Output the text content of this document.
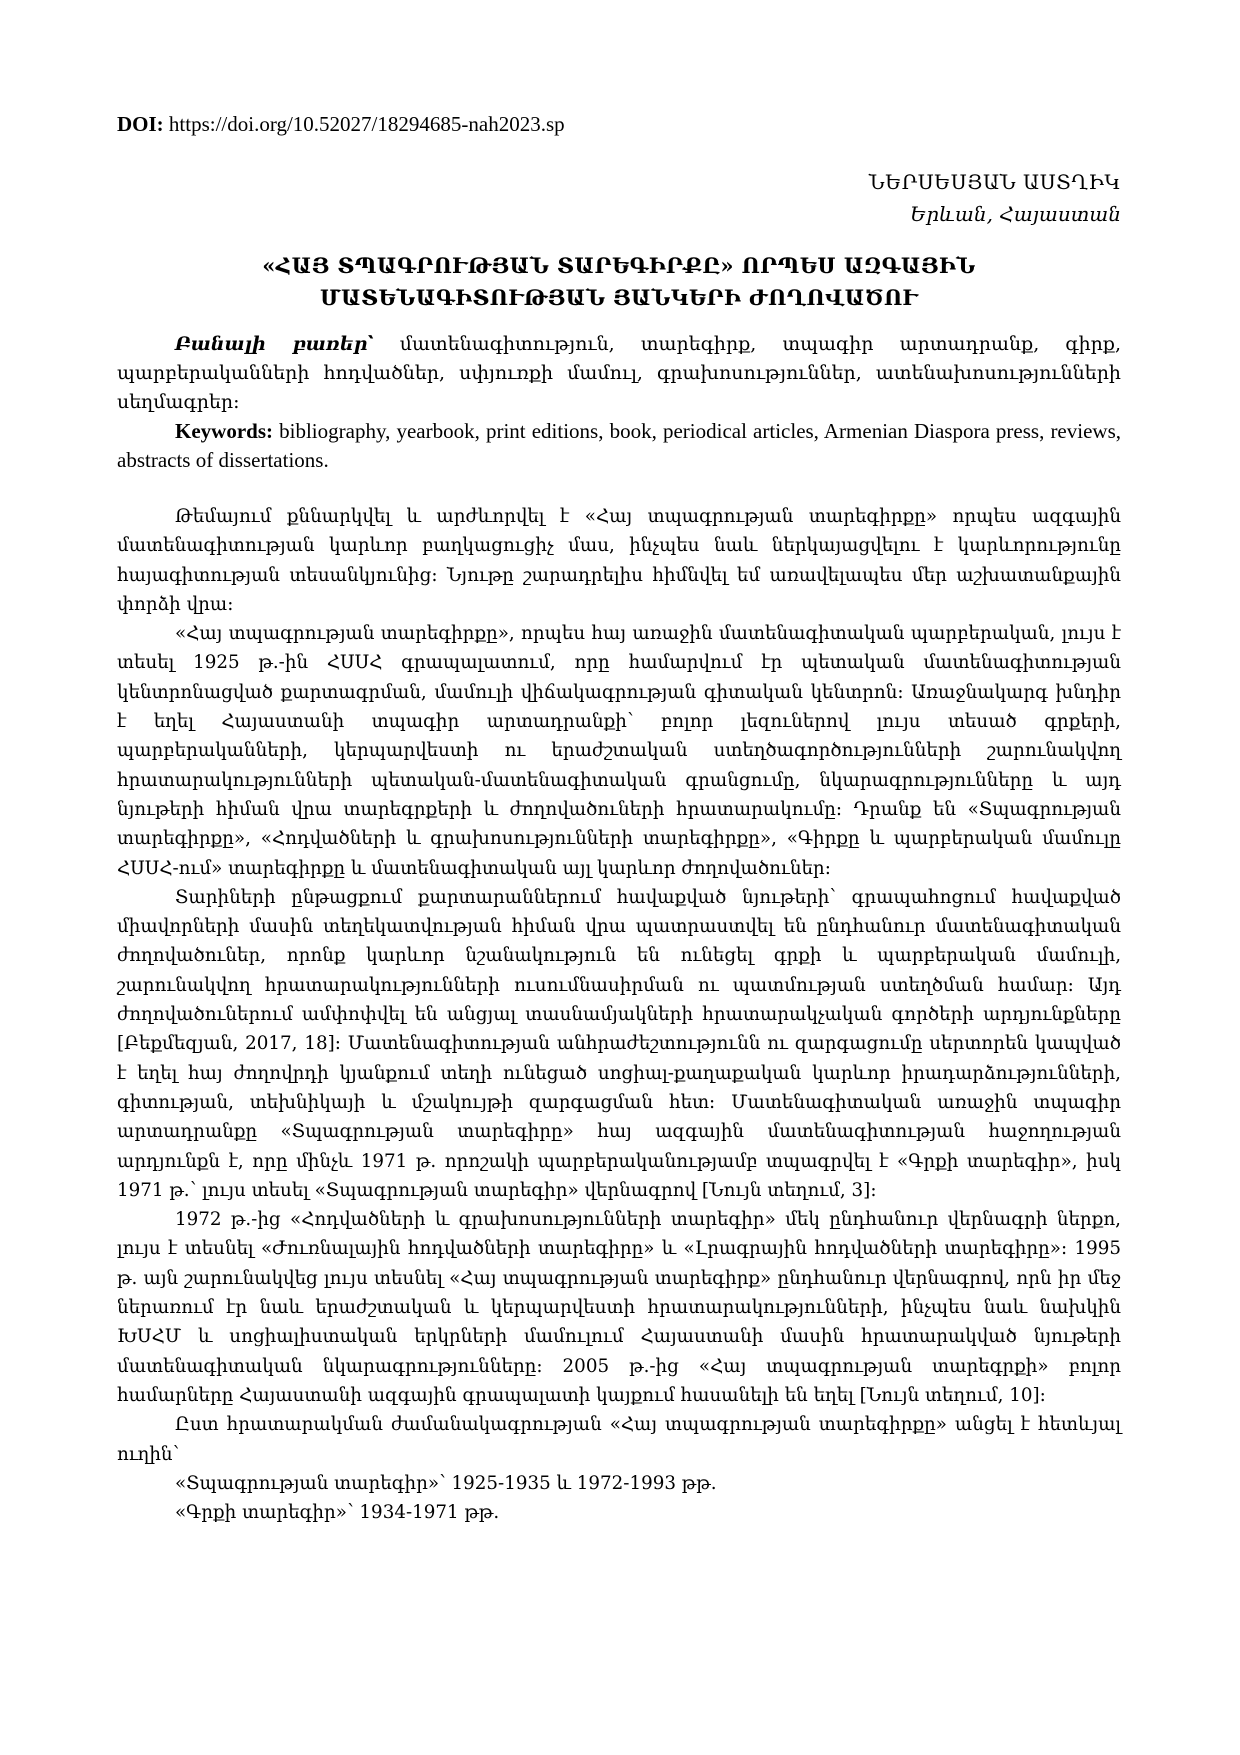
DOI: https://doi.org/10.52027/18294685-nah2023.sp

ՆԵՐՍԵՍՅԱՆ ԱՍՏՂԻԿ
Երևան, Հայաստան
«ՀԱՅ ՏՊԱԳՐՈՒԹՅԱՆ ՏԱՐԵԳԻՐՔԸ» ՈՐՊԵՍ ԱԶԳԱՅԻՆ
ՄԱՏԵՆԱԳԻՏՈՒԹՅԱՆ ՅԱՆԿԵՐԻ ԺՈՂՈՎԱԾՈՒ

Բանալի բառեր՝ մատենագիտություն, տարեգիրք, տպագիր արտադրանք, գիրք, պարբերականների հոդվածներ, սփյուռքի մամուլ, գրախոսություններ, ատենախոսությունների սեղմագրեր:

Keywords: bibliography, yearbook, print editions, book, periodical articles, Armenian Diaspora press, reviews, abstracts of dissertations.

Թեմայում քննարկվել և արժևորվել է «Հայ տպագրության տարեգիրքը» որպես ազգային մատենագիտության կարևոր բաղկացուցիչ մաս, ինչպես նաև ներկայացվելու է կարևորությունը հայագիտության տեսանկյունից: Նյութը շարադրելիս հիմնվել եմ առավելապես մեր աշխատանքային փորձի վրա:

«Հայ տպագրության տարեգիրքը», որպես հայ առաջին մատենագիտական պարբերական, լույս է տեսել 1925 թ.-ին ՀՍՍՀ գրապալատում, որը համարվում էր պետական մատենագիտության կենտրոնացված քարտագրման, մամուլի վիճակագրության գիտական կենտրոն: Առաջնակարգ խնդիր է եղել Հայաստանի տպագիր արտադրանքի՝ բոլոր լեզուներով լույս տեսած գրքերի, պարբերականների, կերպարվեստի ու երաժշտական ստեղծագործությունների շարունակվող հրատարակությունների պետական-մատենագիտական գրանցումը, նկարագրությունները և այդ նյութերի հիման վրա տարեգրքերի և ժողովածուների հրատարակումը: Դրանք են «Տպագրության տարեգիրքը», «Հոդվածների և գրախոսությունների տարեգիրքը», «Գիրքը և պարբերական մամուլը ՀՍՍՀ-ում» տարեգիրքը և մատենագիտական այլ կարևոր ժողովածուներ:

Տարիների ընթացքում քարտարաններում հավաքված նյութերի՝ գրապահոցում հավաքված միավորների մասին տեղեկատվության հիման վրա պատրաստվել են ընդհանուր մատենագիտական ժողովածուներ, որոնք կարևոր նշանակություն են ունեցել գրքի և պարբերական մամուլի, շարունակվող հրատարակությունների ուսումնասիրման ու պատմության ստեղծման համար: Այդ ժողովածուներում ամփոփվել են անցյալ տասնամյակների հրատարակչական գործերի արդյունքները [Բեքմեզյան, 2017, 18]: Մատենագիտության անհրաժեշտությունն ու զարգացումը սերտորեն կապված է եղել հայ ժողովրդի կյանքում տեղի ունեցած սոցիալ-քաղաքական կարևոր իրադարձությունների, գիտության, տեխնիկայի և մշակույթի զարգացման հետ: Մատենագիտական առաջին տպագիր արտադրանքը «Տպագրության տարեգիրը» հայ ազգային մատենագիտության հաջողության արդյունքն է, որը մինչև 1971 թ. որոշակի պարբերականությամբ տպագրվել է «Գրքի տարեգիր», իսկ 1971 թ.՝ լույս տեսել «Տպագրության տարեգիր» վերնագրով [Նույն տեղում, 3]:

1972 թ.-ից «Հոդվածների և գրախոսությունների տարեգիր» մեկ ընդհանուր վերնագրի ներքո, լույս է տեսնել «Ժուռնալային հոդվածների տարեգիրը» և «Լրագրային հոդվածների տարեգիրը»: 1995 թ. այն շարունակվեց լույս տեսնել «Հայ տպագրության տարեգիրք» ընդհանուր վերնագրով, որն իր մեջ ներառում էր նաև երաժշտական և կերպարվեստի հրատարակությունների, ինչպես նաև նախկին ԽՍՀՄ և սոցիալիստական երկրների մամուլում Հայաստանի մասին հրատարակված նյութերի մատենագիտական նկարագրությունները: 2005 թ.-ից «Հայ տպագրության տարեգրքի» բոլոր համարները Հայաստանի ազգային գրապալատի կայքում հասանելի են եղել [Նույն տեղում, 10]:

Ըստ հրատարակման ժամանակագրության «Հայ տպագրության տարեգիրքը» անցել է հետևյալ ուղին՝

«Տպագրության տարեգիր»՝ 1925-1935 և 1972-1993 թթ.

«Գրքի տարեգիր»՝ 1934-1971 թթ.
